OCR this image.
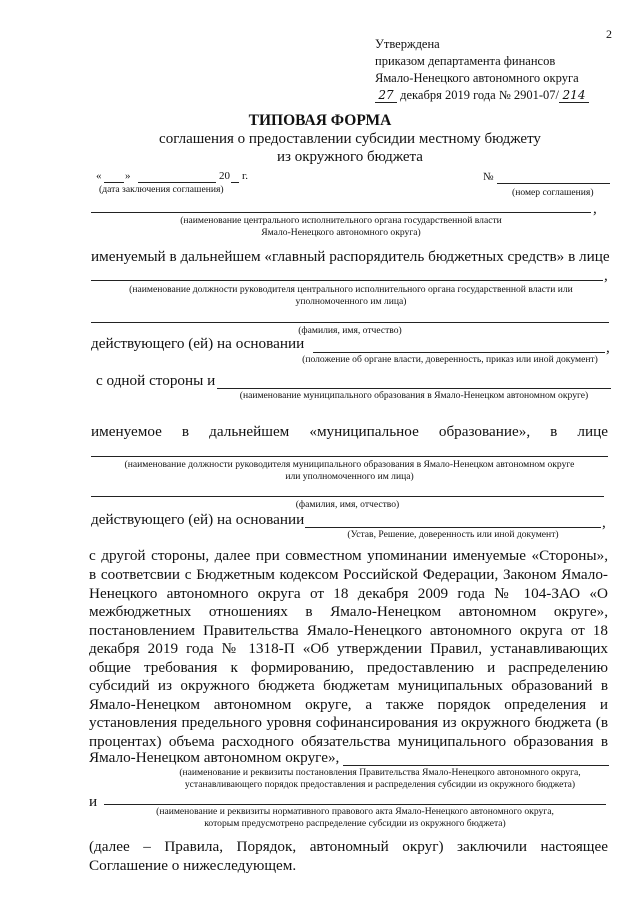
2
Утверждена
приказом департамента финансов
Ямало-Ненецкого автономного округа
27 декабря 2019 года № 2901-07/ 214
ТИПОВАЯ ФОРМА
соглашения о предоставлении субсидии местному бюджету
из окружного бюджета
« »	20 г.
(дата заключения соглашения)
№
(номер соглашения)
,
(наименование центрального исполнительного органа государственной власти
Ямало-Ненецкого автономного округа)
именуемый в дальнейшем «главный распорядитель бюджетных средств» в лице
,
(наименование должности руководителя центрального исполнительного органа государственной власти или
уполномоченного им лица)
(фамилия, имя, отчество)
действующего (ей) на основании	,
(положение об органе власти, доверенность, приказ или иной документ)
с одной стороны и
(наименование муниципального образования в Ямало-Ненецком автономном округе)
именуемое в дальнейшем «муниципальное образование», в лице
(наименование должности руководителя муниципального образования в Ямало-Ненецком автономном округе
или уполномоченного им лица)
(фамилия, имя, отчество)
действующего (ей) на основании	,
(Устав, Решение, доверенность или иной документ)
с другой стороны, далее при совместном упоминании именуемые «Стороны»,
в соответсвии с Бюджетным кодексом Российской Федерации, Законом Ямало-
Ненецкого автономного округа от 18 декабря 2009 года № 104-ЗАО «О
межбюджетных отношениях в Ямало-Ненецком автономном округе»,
постановлением Правительства Ямало-Ненецкого автономного округа от 18
декабря 2019 года № 1318-П «Об утверждении Правил, устанавливающих
общие требования к формированию, предоставлению и распределению
субсидий из окружного бюджета бюджетам муниципальных образований в
Ямало-Ненецком автономном округе, а также порядок определения и
установления предельного уровня софинансирования из окружного бюджета (в
процентах) объема расходного обязательства муниципального образования в
Ямало-Ненецком автономном округе»,
(наименование и реквизиты постановления Правительства Ямало-Ненецкого автономного округа,
устанавливающего порядок предоставления и распределения субсидии из окружного бюджета)
и
(наименование и реквизиты нормативного правового акта Ямало-Ненецкого автономного округа,
которым предусмотрено распределение субсидии из окружного бюджета)
(далее – Правила, Порядок, автономный округ) заключили настоящее
Соглашение о нижеследующем.
